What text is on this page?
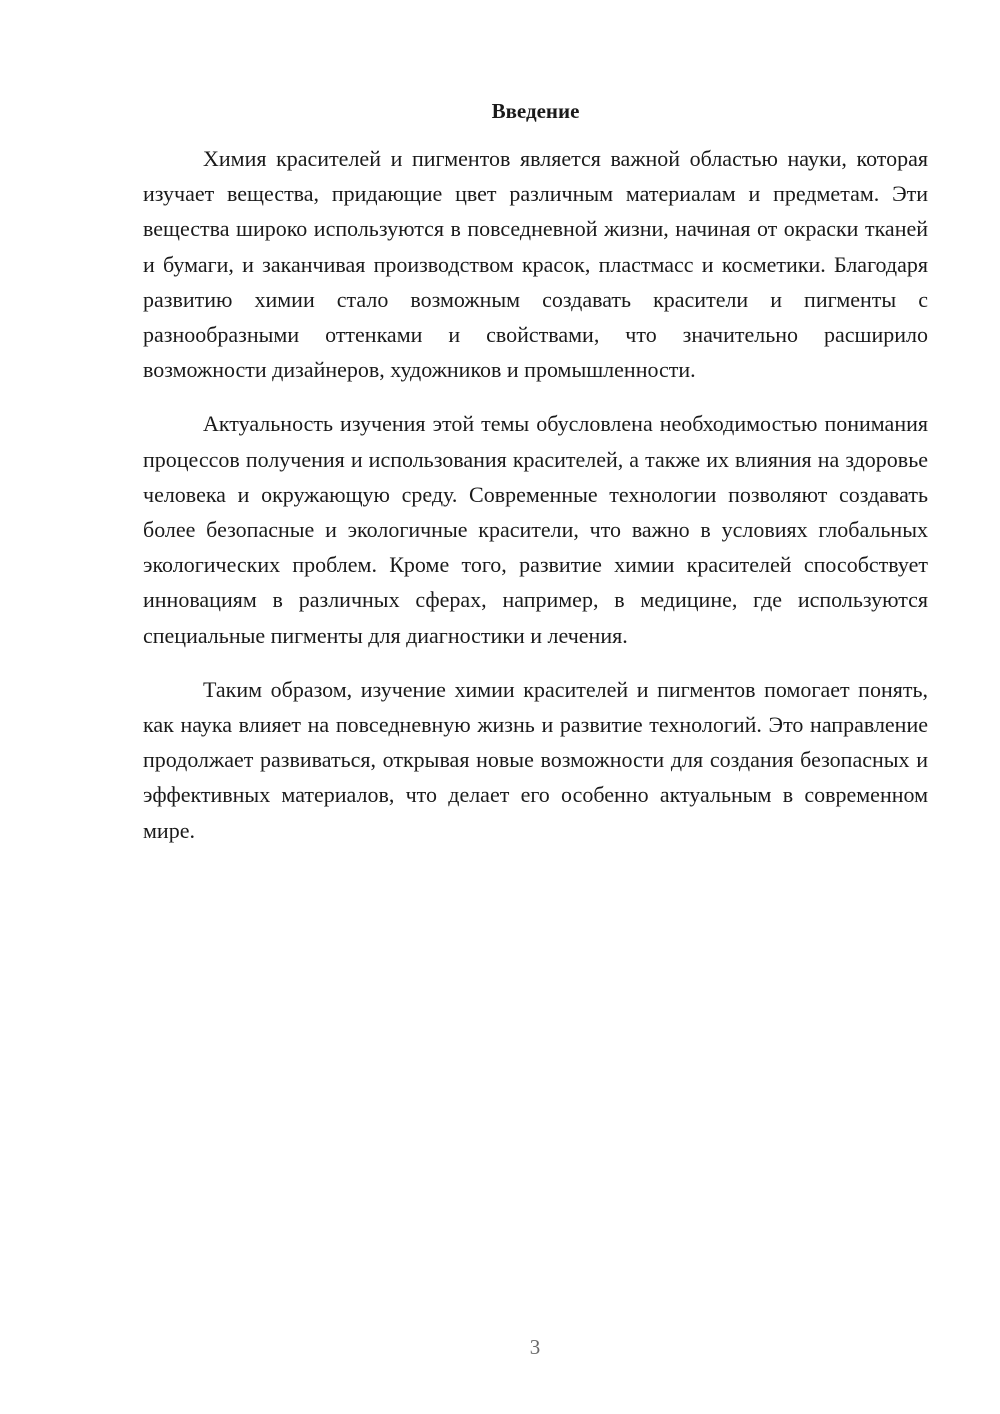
Введение

Химия красителей и пигментов является важной областью науки, которая изучает вещества, придающие цвет различным материалам и предметам. Эти вещества широко используются в повседневной жизни, начиная от окраски тканей и бумаги, и заканчивая производством красок, пластмасс и косметики. Благодаря развитию химии стало возможным создавать красители и пигменты с разнообразными оттенками и свойствами, что значительно расширило возможности дизайнеров, художников и промышленности.

Актуальность изучения этой темы обусловлена необходимостью понимания процессов получения и использования красителей, а также их влияния на здоровье человека и окружающую среду. Современные технологии позволяют создавать более безопасные и экологичные красители, что важно в условиях глобальных экологических проблем. Кроме того, развитие химии красителей способствует инновациям в различных сферах, например, в медицине, где используются специальные пигменты для диагностики и лечения.

Таким образом, изучение химии красителей и пигментов помогает понять, как наука влияет на повседневную жизнь и развитие технологий. Это направление продолжает развиваться, открывая новые возможности для создания безопасных и эффективных материалов, что делает его особенно актуальным в современном мире.

3
